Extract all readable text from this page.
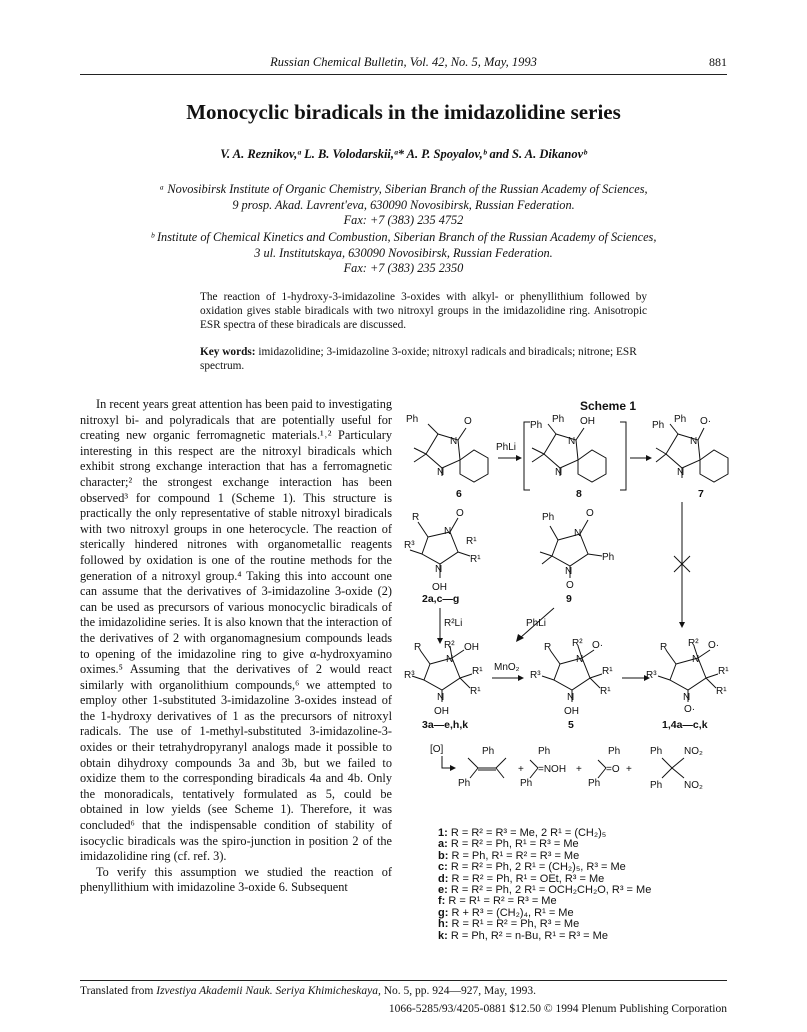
Russian Chemical Bulletin, Vol. 42, No. 5, May, 1993	881
Monocyclic biradicals in the imidazolidine series
V. A. Reznikov,ᵃ L. B. Volodarskii,ᵃ* A. P. Spoyalov,ᵇ and S. A. Dikanovᵇ

ᵃ Novosibirsk Institute of Organic Chemistry, Siberian Branch of the Russian Academy of Sciences,

9 prosp. Akad. Lavrent'eva, 630090 Novosibirsk, Russian Federation.

Fax: +7 (383) 235 4752

ᵇ Institute of Chemical Kinetics and Combustion, Siberian Branch of the Russian Academy of Sciences,

3 ul. Institutskaya, 630090 Novosibirsk, Russian Federation.

Fax: +7 (383) 235 2350

The reaction of 1-hydroxy-3-imidazoline 3-oxides with alkyl- or phenyllithium followed by oxidation gives stable biradicals with two nitroxyl groups in the imidazolidine ring. Anisotropic ESR spectra of these biradicals are discussed.

Key words: imidazolidine; 3-imidazoline 3-oxide; nitroxyl radicals and biradicals; nitrone; ESR spectrum.

In recent years great attention has been paid to investigating nitroxyl bi- and polyradicals that are potentially useful for creating new organic ferromagnetic materials.¹˒² Particulary interesting in this respect are the nitroxyl biradicals which exhibit strong exchange interaction that has a ferromagnetic character;² the strongest exchange interaction has been observed³ for compound 1 (Scheme 1). This structure is practically the only representative of stable nitroxyl biradicals with two nitroxyl groups in one heterocycle. The reaction of sterically hindered nitrones with organometallic reagents followed by oxidation is one of the routine methods for the generation of a nitroxyl group.⁴ Taking this into account one can assume that the derivatives of 3-imidazoline 3-oxide (2) can be used as precursors of various monocyclic biradicals of the imidazolidine series. It is also known that the interaction of the derivatives of 2 with organomagnesium compounds leads to opening of the imidazoline ring to give α-hydroxyamino oximes.⁵ Assuming that the derivatives of 2 would react similarly with organolithium compounds,⁶ we attempted to employ other 1-substituted 3-imidazoline 3-oxides instead of the 1-hydroxy derivatives of 1 as the precursors of nitroxyl radicals. The use of 1-methyl-substituted 3-imidazoline-3-oxides or their tetrahydropyranyl analogs made it possible to obtain dihydroxy compounds 3a and 3b, but we failed to oxidize them to the corresponding biradicals 4a and 4b. Only the monoradicals, tentatively formulated as 5, could be obtained in low yields (see Scheme 1). Therefore, it was concluded⁶ that the indispensable condition of stability of isocyclic biradicals was the spiro-junction in position 2 of the imidazolidine ring (cf. ref. 3).

To verify this assumption we studied the reaction of phenyllithium with imidazoline 3-oxide 6. Subsequent

Scheme 1
Ph	O
N
N
6
PhLi
Ph
Ph OH
N
N
8
Ph
Ph O·
N
N
7
R	O
N
R³	R¹
R¹
N
OH
2a,c—g
Ph	O
N
Ph
N
O
9
R²Li	PhLi
R²
R	OH
N
R³	R¹
R¹
N
OH
3a—e,h,k
MnO₂
R R² O·
N
R³	R¹
R¹
N
OH
5
R R² O·
N
R³	R¹
R¹
N
O·
1,4a—c,k
[O]	Ph
Ph
+
Ph
=NOH
Ph
+
Ph
=O
Ph
+
Ph NO₂
Ph NO₂
1: R = R² = R³ = Me, 2 R¹ = (CH₂)₅
a: R = R² = Ph, R¹ = R³ = Me
b: R = Ph, R¹ = R² = R³ = Me
c: R = R² = Ph, 2 R¹ = (CH₂)₅, R³ = Me
d: R = R² = Ph, R¹ = OEt, R³ = Me
e: R = R² = Ph, 2 R¹ = OCH₂CH₂O, R³ = Me
f: R = R¹ = R² = R³ = Me
g: R + R³ = (CH₂)₄, R¹ = Me
h: R = R¹ = R² = Ph, R³ = Me
k: R = Ph, R² = n-Bu, R¹ = R³ = Me
Translated from Izvestiya Akademii Nauk. Seriya Khimicheskaya, No. 5, pp. 924—927, May, 1993.
1066-5285/93/4205-0881 $12.50 © 1994 Plenum Publishing Corporation
